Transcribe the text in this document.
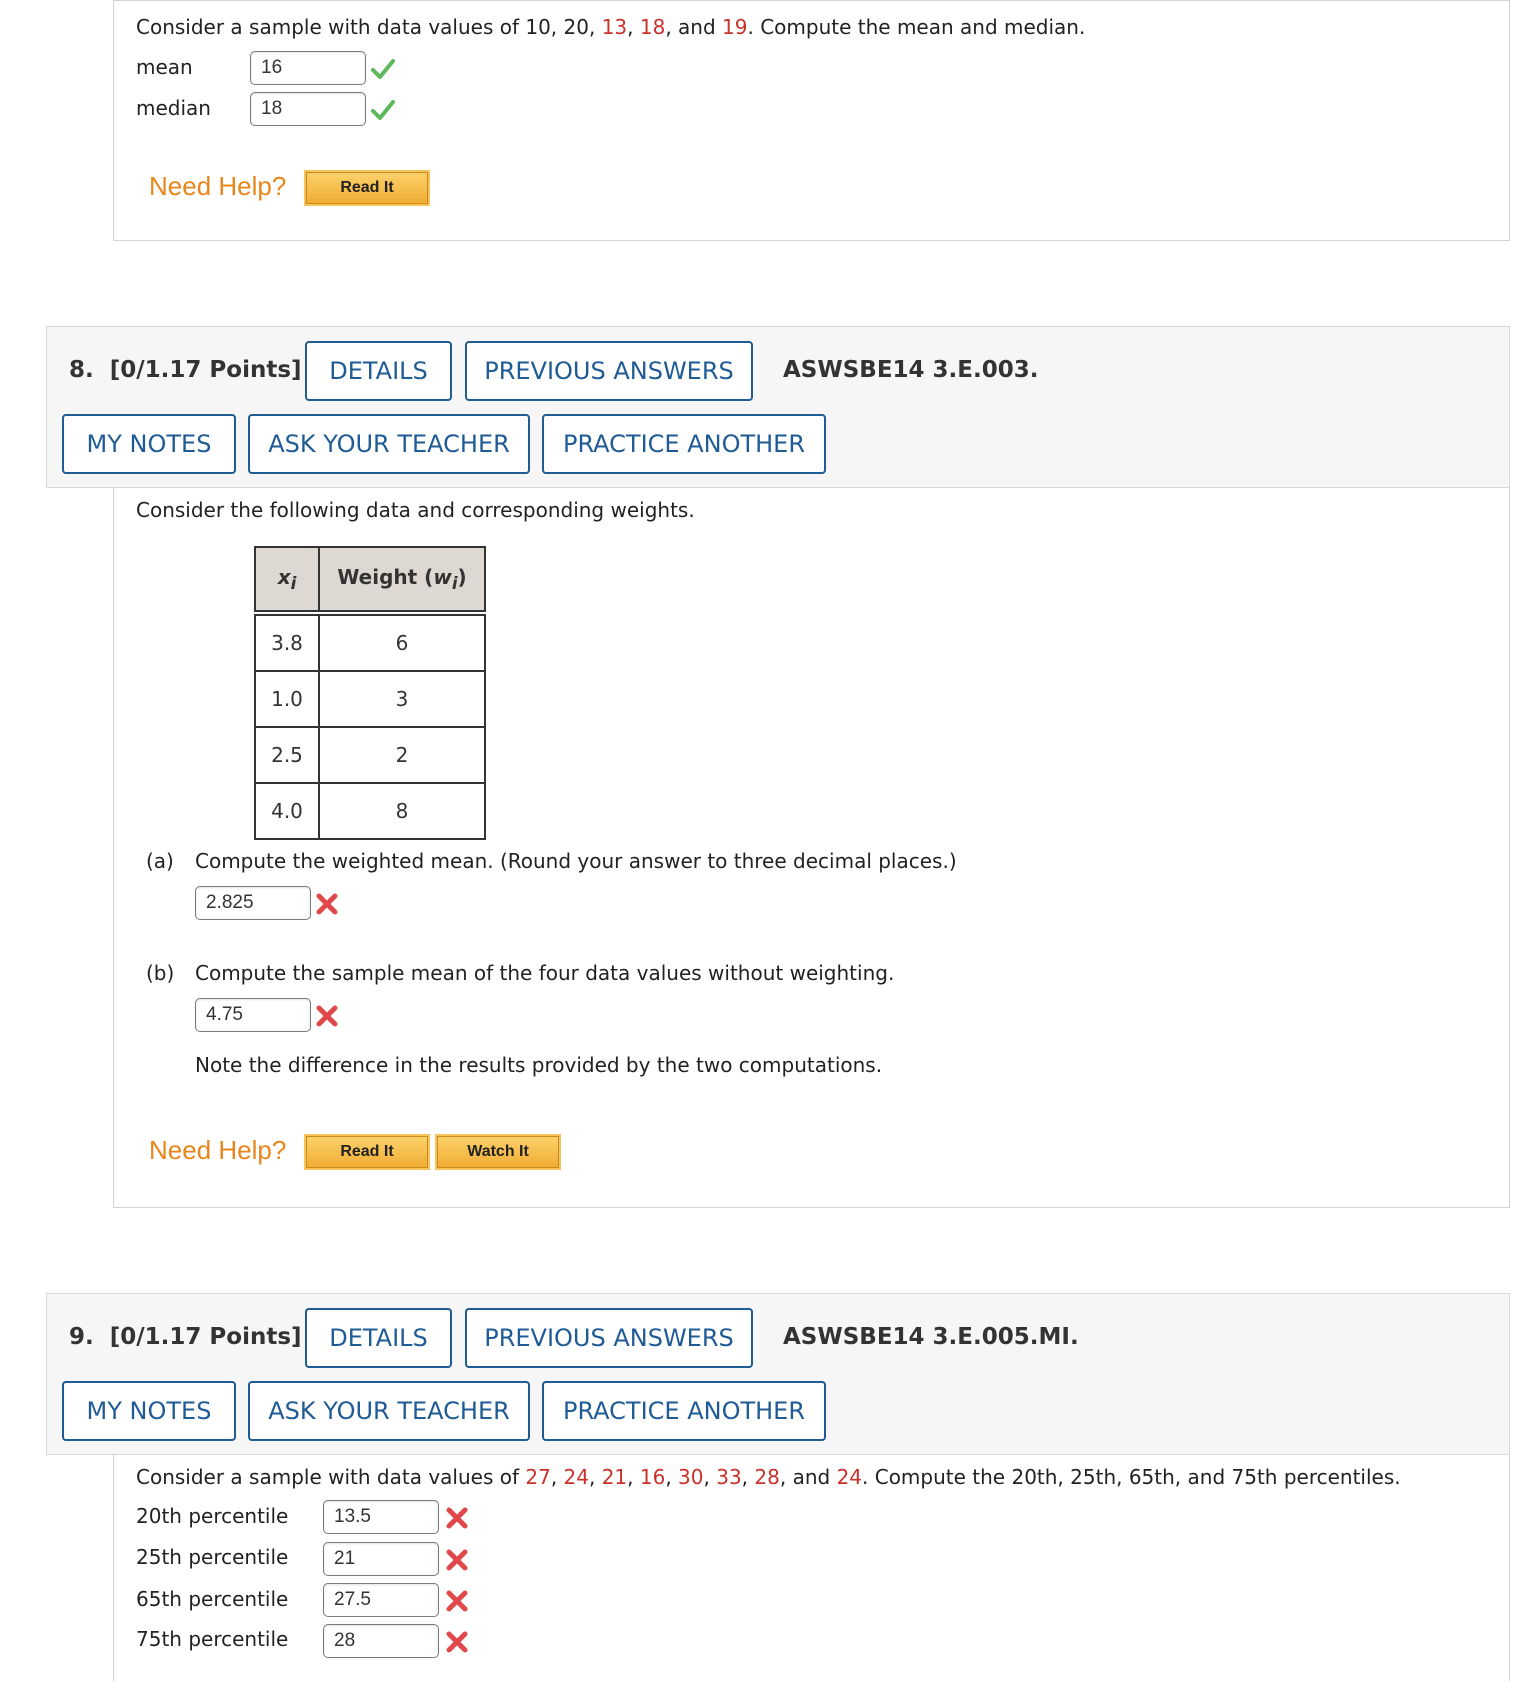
Consider a sample with data values of 10, 20, 13, 18, and 19. Compute the mean and median.
mean	16
median	18
Need Help?	Read It
8. [0/1.17 Points]	DETAILS	PREVIOUS ANSWERS	ASWSBE14 3.E.003.
MY NOTES	ASK YOUR TEACHER	PRACTICE ANOTHER
Consider the following data and corresponding weights.
$x_i$	Weight $(w_i)$

3.8	6
1.0	3
2.5	2
4.0	8
(a) Compute the weighted mean. (Round your answer to three decimal places.)
2.825
(b) Compute the sample mean of the four data values without weighting.
4.75
Note the difference in the results provided by the two computations.
Need Help?	Read It	Watch It
9. [0/1.17 Points]	DETAILS	PREVIOUS ANSWERS	ASWSBE14 3.E.005.MI.
MY NOTES	ASK YOUR TEACHER	PRACTICE ANOTHER
Consider a sample with data values of 27, 24, 21, 16, 30, 33, 28, and 24. Compute the 20th, 25th, 65th, and 75th percentiles.
20th percentile	13.5
25th percentile	21
65th percentile	27.5
75th percentile	28
